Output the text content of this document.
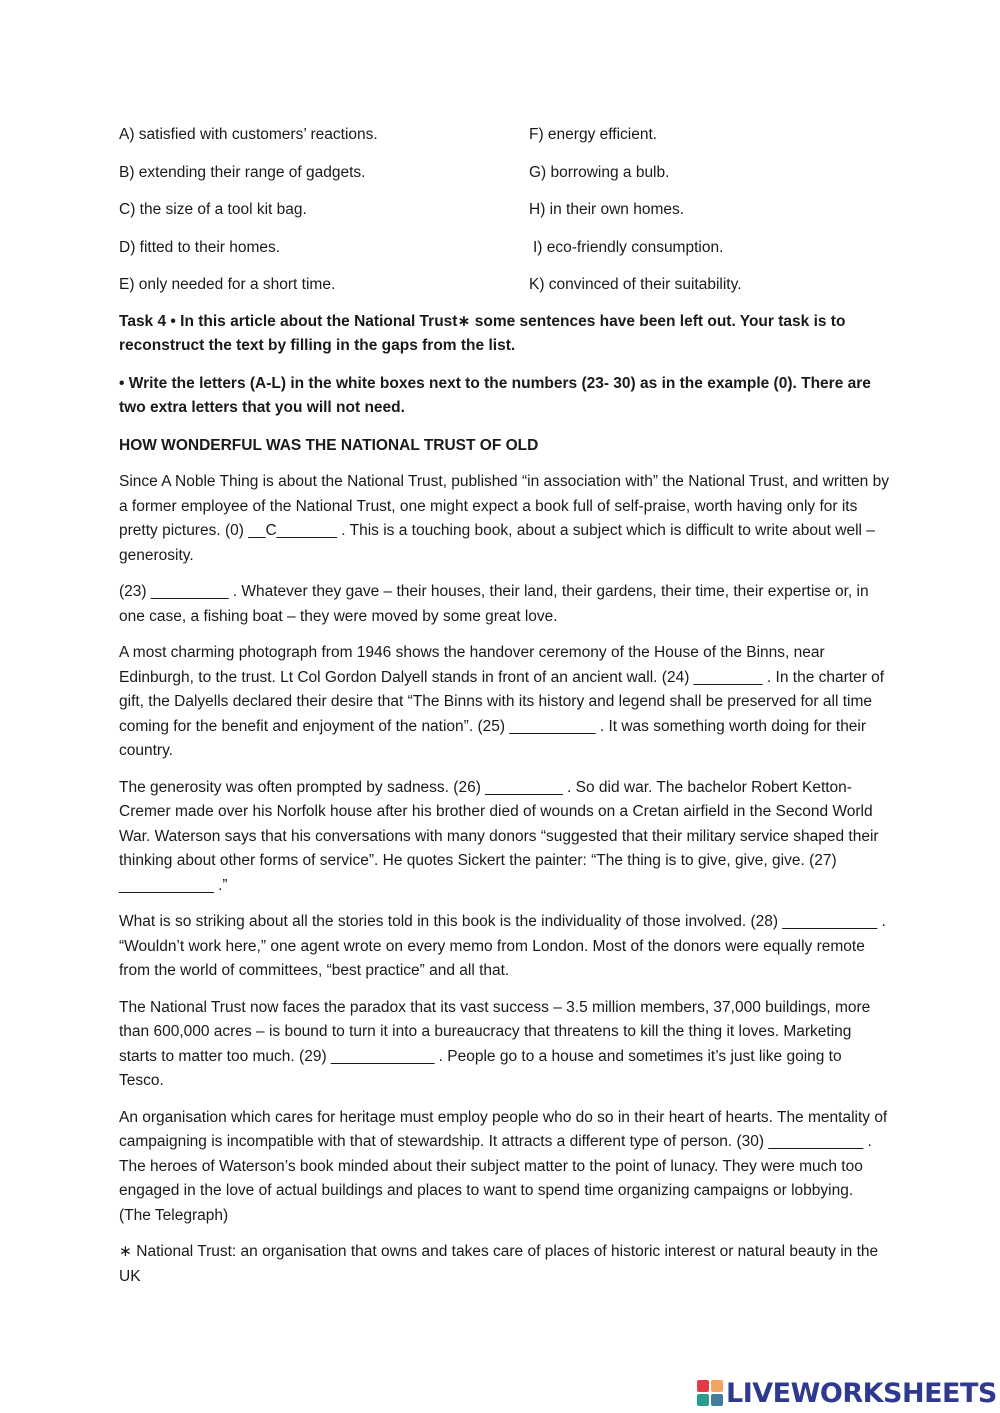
A) satisfied with customers’ reactions.	F) energy efficient.
B) extending their range of gadgets.	G) borrowing a bulb.
C) the size of a tool kit bag.	H) in their own homes.
D) fitted to their homes.	I) eco-friendly consumption.
E) only needed for a short time.	K) convinced of their suitability.
Task 4 • In this article about the National Trust∗ some sentences have been left out. Your task is to reconstruct the text by filling in the gaps from the list.
• Write the letters (A-L) in the white boxes next to the numbers (23- 30) as in the example (0). There are two extra letters that you will not need.
HOW WONDERFUL WAS THE NATIONAL TRUST OF OLD

Since A Noble Thing is about the National Trust, published “in association with” the National Trust, and written by a former employee of the National Trust, one might expect a book full of self-praise, worth having only for its pretty pictures. (0) __C_______ . This is a touching book, about a subject which is difficult to write about well – generosity.

(23) _________ . Whatever they gave – their houses, their land, their gardens, their time, their expertise or, in one case, a fishing boat – they were moved by some great love.

A most charming photograph from 1946 shows the handover ceremony of the House of the Binns, near Edinburgh, to the trust. Lt Col Gordon Dalyell stands in front of an ancient wall. (24) ________ . In the charter of gift, the Dalyells declared their desire that “The Binns with its history and legend shall be preserved for all time coming for the benefit and enjoyment of the nation”. (25) __________ . It was something worth doing for their country.

The generosity was often prompted by sadness. (26) _________ . So did war. The bachelor Robert Ketton-Cremer made over his Norfolk house after his brother died of wounds on a Cretan airfield in the Second World War. Waterson says that his conversations with many donors “suggested that their military service shaped their thinking about other forms of service”. He quotes Sickert the painter: “The thing is to give, give, give. (27) ___________ .”

What is so striking about all the stories told in this book is the individuality of those involved. (28) ___________ . “Wouldn’t work here,” one agent wrote on every memo from London. Most of the donors were equally remote from the world of committees, “best practice” and all that.

The National Trust now faces the paradox that its vast success – 3.5 million members, 37,000 buildings, more than 600,000 acres – is bound to turn it into a bureaucracy that threatens to kill the thing it loves. Marketing starts to matter too much. (29) ____________ . People go to a house and sometimes it’s just like going to Tesco.

An organisation which cares for heritage must employ people who do so in their heart of hearts. The mentality of campaigning is incompatible with that of stewardship. It attracts a different type of person. (30) ___________ . The heroes of Waterson’s book minded about their subject matter to the point of lunacy. They were much too engaged in the love of actual buildings and places to want to spend time organizing campaigns or lobbying. (The Telegraph)

∗ National Trust: an organisation that owns and takes care of places of historic interest or natural beauty in the UK

LIVEWORKSHEETS
